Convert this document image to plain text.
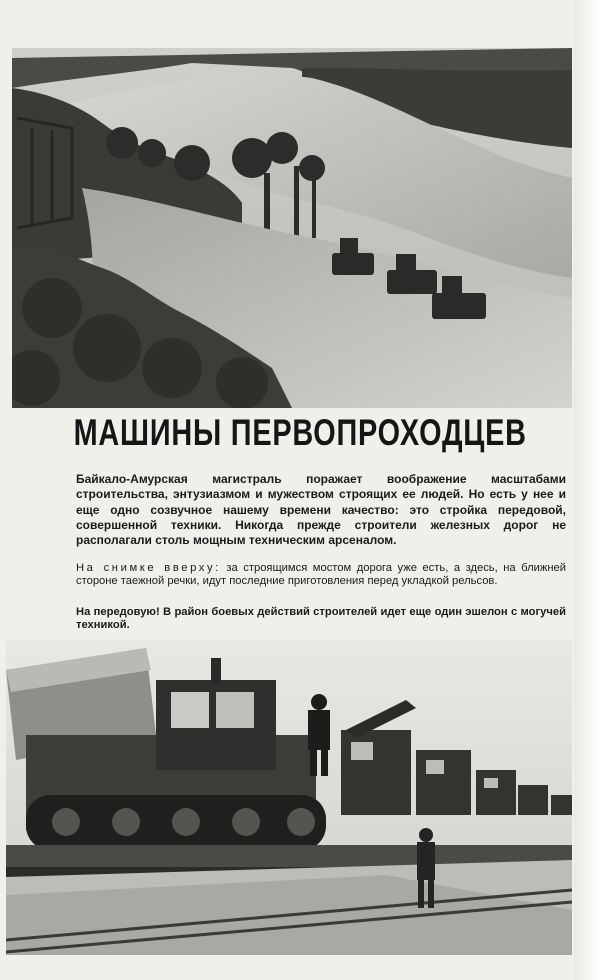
МАШИНЫ ПЕРВОПРОХОДЦЕВ
Байкало-Амурская магистраль поражает воображение масштабами строительства, энтузиазмом и мужеством строящих ее людей. Но есть у нее и еще одно созвучное нашему времени качество: это стройка передовой, совершенной техники. Никогда прежде строители железных дорог не располагали столь мощным техническим арсеналом.
На снимке вверху: за строящимся мостом дорога уже есть, а здесь, на ближней стороне таежной речки, идут последние приготовления перед укладкой рельсов.
На передовую! В район боевых действий строителей идет еще один эшелон с могучей техникой.
